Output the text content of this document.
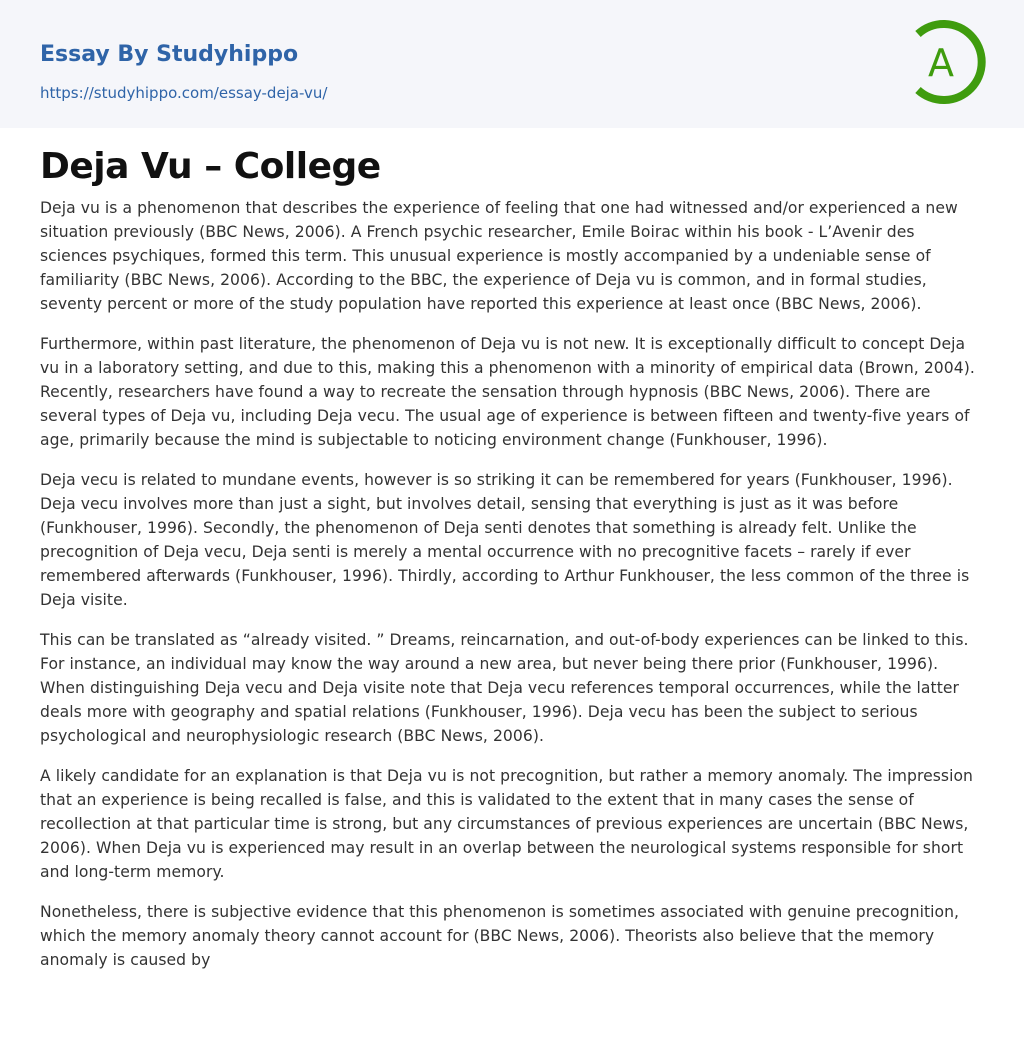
Essay By Studyhippo
https://studyhippo.com/essay-deja-vu/
A
Deja Vu – College

Deja vu is a phenomenon that describes the experience of feeling that one had witnessed and/or experienced a new situation previously (BBC News, 2006). A French psychic researcher, Emile Boirac within his book - L’Avenir des sciences psychiques, formed this term. This unusual experience is mostly accompanied by a undeniable sense of familiarity (BBC News, 2006). According to the BBC, the experience of Deja vu is common, and in formal studies, seventy percent or more of the study population have reported this experience at least once (BBC News, 2006).

Furthermore, within past literature, the phenomenon of Deja vu is not new. It is exceptionally difficult to concept Deja vu in a laboratory setting, and due to this, making this a phenomenon with a minority of empirical data (Brown, 2004). Recently, researchers have found a way to recreate the sensation through hypnosis (BBC News, 2006). There are several types of Deja vu, including Deja vecu. The usual age of experience is between fifteen and twenty-five years of age, primarily because the mind is subjectable to noticing environment change (Funkhouser, 1996).

Deja vecu is related to mundane events, however is so striking it can be remembered for years (Funkhouser, 1996). Deja vecu involves more than just a sight, but involves detail, sensing that everything is just as it was before (Funkhouser, 1996). Secondly, the phenomenon of Deja senti denotes that something is already felt. Unlike the precognition of Deja vecu, Deja senti is merely a mental occurrence with no precognitive facets – rarely if ever remembered afterwards (Funkhouser, 1996). Thirdly, according to Arthur Funkhouser, the less common of the three is Deja visite.

This can be translated as “already visited. ” Dreams, reincarnation, and out-of-body experiences can be linked to this. For instance, an individual may know the way around a new area, but never being there prior (Funkhouser, 1996). When distinguishing Deja vecu and Deja visite note that Deja vecu references temporal occurrences, while the latter deals more with geography and spatial relations (Funkhouser, 1996). Deja vecu has been the subject to serious psychological and neurophysiologic research (BBC News, 2006).

A likely candidate for an explanation is that Deja vu is not precognition, but rather a memory anomaly. The impression that an experience is being recalled is false, and this is validated to the extent that in many cases the sense of recollection at that particular time is strong, but any circumstances of previous experiences are uncertain (BBC News, 2006). When Deja vu is experienced may result in an overlap between the neurological systems responsible for short and long-term memory.

Nonetheless, there is subjective evidence that this phenomenon is sometimes associated with genuine precognition, which the memory anomaly theory cannot account for (BBC News, 2006). Theorists also believe that the memory anomaly is caused by
